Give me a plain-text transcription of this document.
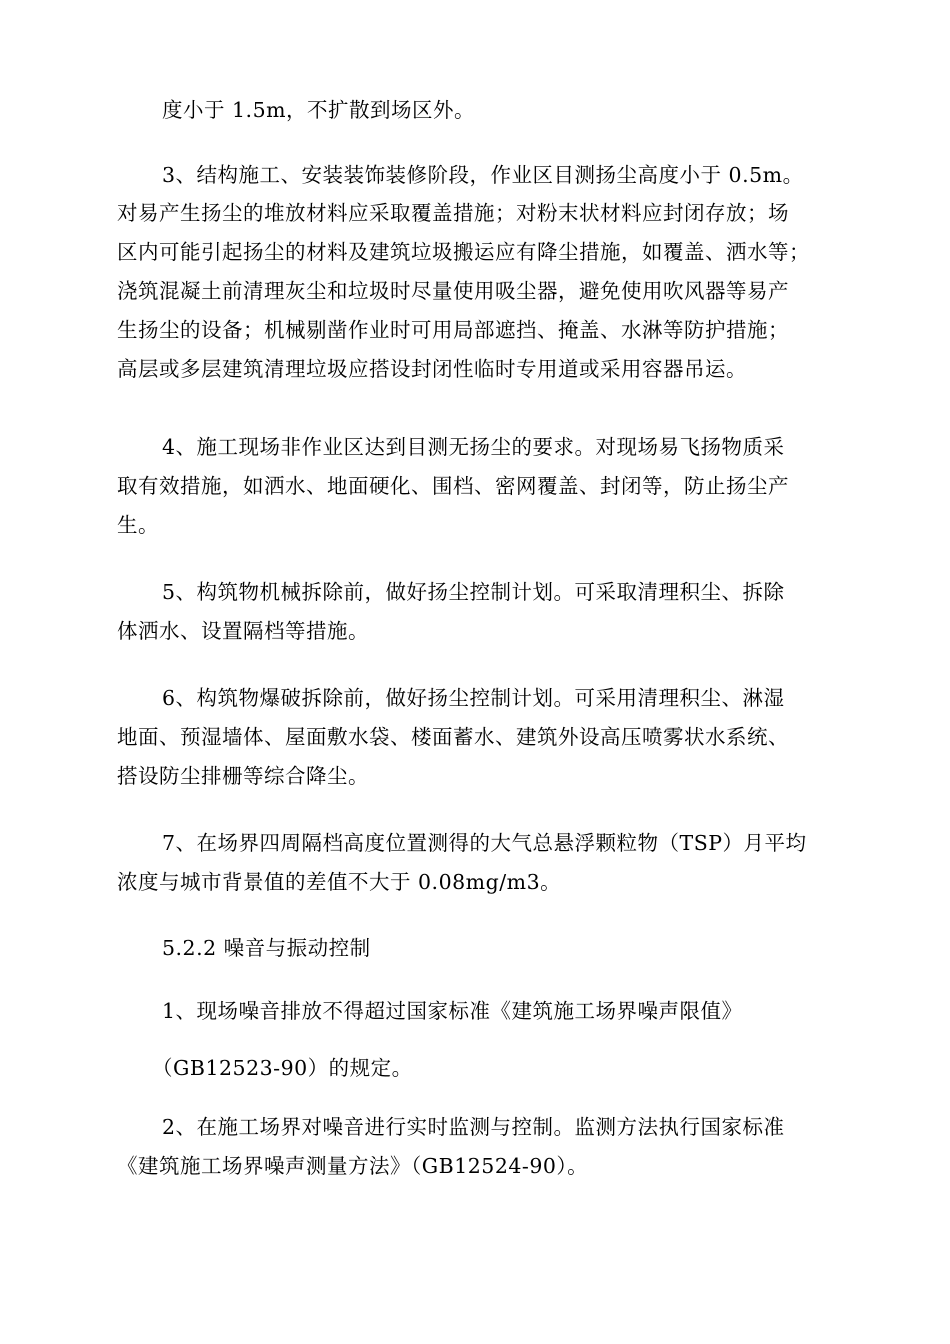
度小于 1.5m，不扩散到场区外。
3、结构施工、安装装饰装修阶段，作业区目测扬尘高度小于 0.5m。
对易产生扬尘的堆放材料应采取覆盖措施；对粉末状材料应封闭存放；场
区内可能引起扬尘的材料及建筑垃圾搬运应有降尘措施，如覆盖、洒水等；
浇筑混凝土前清理灰尘和垃圾时尽量使用吸尘器，避免使用吹风器等易产
生扬尘的设备；机械剔凿作业时可用局部遮挡、掩盖、水淋等防护措施；
高层或多层建筑清理垃圾应搭设封闭性临时专用道或采用容器吊运。
4、施工现场非作业区达到目测无扬尘的要求。对现场易飞扬物质采
取有效措施，如洒水、地面硬化、围档、密网覆盖、封闭等，防止扬尘产
生。
5、构筑物机械拆除前，做好扬尘控制计划。可采取清理积尘、拆除
体洒水、设置隔档等措施。
6、构筑物爆破拆除前，做好扬尘控制计划。可采用清理积尘、淋湿
地面、预湿墙体、屋面敷水袋、楼面蓄水、建筑外设高压喷雾状水系统、
搭设防尘排栅等综合降尘。
7、在场界四周隔档高度位置测得的大气总悬浮颗粒物（TSP）月平均
浓度与城市背景值的差值不大于 0.08mg/m3。
5.2.2 噪音与振动控制
1、现场噪音排放不得超过国家标准《建筑施工场界噪声限值》
（GB12523-90）的规定。
2、在施工场界对噪音进行实时监测与控制。监测方法执行国家标准
《建筑施工场界噪声测量方法》（GB12524-90）。
